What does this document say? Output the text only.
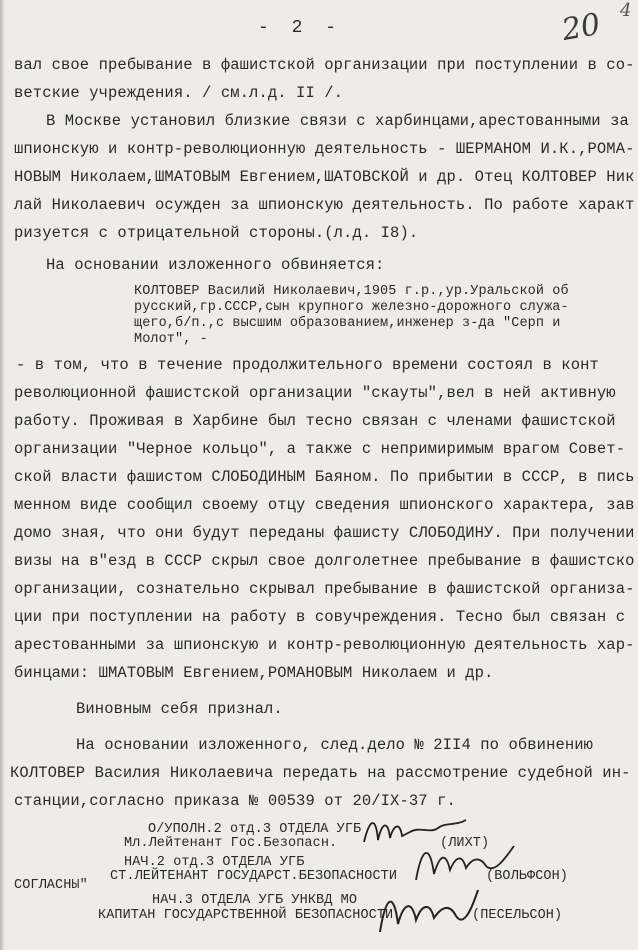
- 2 -	20 4
вал свое пребывание в фашистской организации при поступлении в со-
ветские учреждения. / см.л.д. II /.
В Москве установил близкие связи с харбинцами,арестованными за
шпионскую и контр-революционную деятельность - ШЕРМАНОМ И.К.,РОМА-
НОВЫМ Николаем,ШМАТОВЫМ Евгением,ШАТОВСКОЙ и др. Отец КОЛТОВЕР Ник
лай Николаевич осужден за шпионскую деятельность. По работе характ
ризуется с отрицательной стороны.(л.д. I8).
На основании изложенного обвиняется:
КОЛТОВЕР Василий Николаевич,1905 г.р.,ур.Уральской об
русский,гр.СССР,сын крупного железно-дорожного служа-
щего,б/п.,с высшим образованием,инженер з-да "Серп и
Молот", -
- в том, что в течение продолжительного времени состоял в конт
революционной фашистской организации "скауты",вел в ней активную
работу. Проживая в Харбине был тесно связан с членами фашистской
организации "Черное кольцо", а также с непримиримым врагом Совет-
ской власти фашистом СЛОБОДИНЫМ Баяном. По прибытии в СССР, в пись
менном виде сообщил своему отцу сведения шпионского характера, зав
домо зная, что они будут переданы фашисту СЛОБОДИНУ. При получении
визы на в"езд в СССР скрыл свое долголетнее пребывание в фашистско
организации, сознательно скрывал пребывание в фашистской организа-
ции при поступлении на работу в совучреждения. Тесно был связан с
арестованными за шпионскую и контр-революционную деятельность хар-
бинцами: ШМАТОВЫМ Евгением,РОМАНОВЫМ Николаем и др.
Виновным себя признал.
На основании изложенного, след.дело № 2II4 по обвинению
КОЛТОВЕР Василия Николаевича передать на рассмотрение судебной ин-
станции,согласно приказа № 00539 от 20/IX-37 г.
О/УПОЛН.2 отд.3 ОТДЕЛА УГБ
Мл.Лейтенант Гос.Безопасн.	(ЛИХТ)
НАЧ.2 отд.3 ОТДЕЛА УГБ
СТ.ЛЕЙТЕНАНТ ГОСУДАРСТ.БЕЗОПАСНОСТИ	(ВОЛЬФСОН)
СОГЛАСНЫ"
НАЧ.3 ОТДЕЛА УГБ УНКВД МО
КАПИТАН ГОСУДАРСТВЕННОЙ БЕЗОПАСНОСТИ	(ПЕСЕЛЬСОН)
